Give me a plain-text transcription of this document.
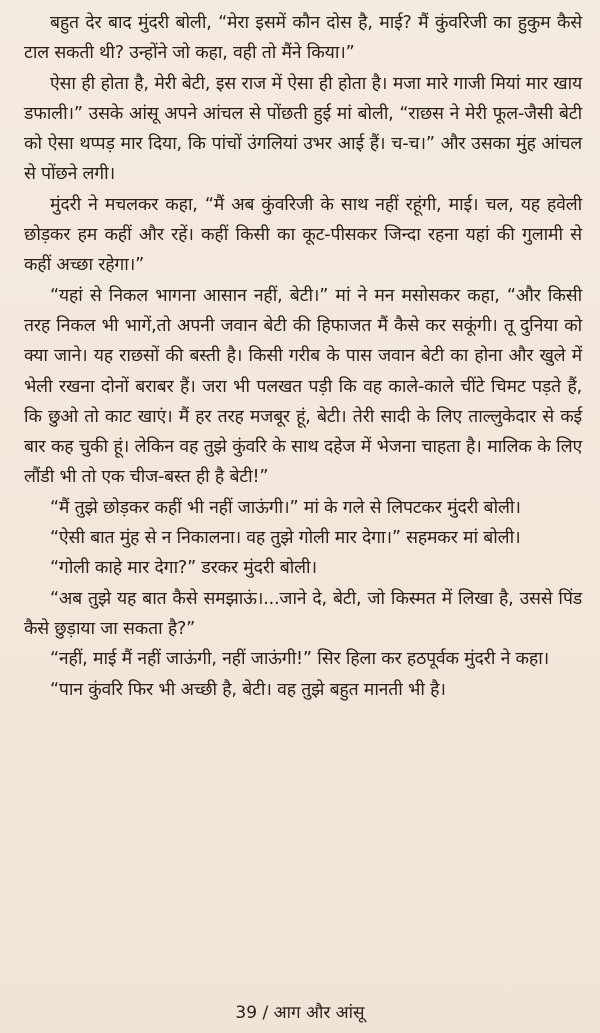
बहुत देर बाद मुंदरी बोली, “मेरा इसमें कौन दोस है, माई? मैं कुंवरिजी का हुकुम कैसे टाल सकती थी? उन्होंने जो कहा, वही तो मैंने किया।”

ऐसा ही होता है, मेरी बेटी, इस राज में ऐसा ही होता है। मजा मारे गाजी मियां मार खाय डफाली।” उसके आंसू अपने आंचल से पोंछती हुई मां बोली, “राछस ने मेरी फूल-जैसी बेटी को ऐसा थप्पड़ मार दिया, कि पांचों उंगलियां उभर आई हैं। च-च।” और उसका मुंह आंचल से पोंछने लगी।

मुंदरी ने मचलकर कहा, “मैं अब कुंवरिजी के साथ नहीं रहूंगी, माई। चल, यह हवेली छोड़कर हम कहीं और रहें। कहीं किसी का कूट-पीसकर जिन्दा रहना यहां की गुलामी से कहीं अच्छा रहेगा।”

“यहां से निकल भागना आसान नहीं, बेटी।” मां ने मन मसोसकर कहा, “और किसी तरह निकल भी भागें,तो अपनी जवान बेटी की हिफाजत मैं कैसे कर सकूंगी। तू दुनिया को क्या जाने। यह राछसों की बस्ती है। किसी गरीब के पास जवान बेटी का होना और खुले में भेली रखना दोनों बराबर हैं। जरा भी पलखत पड़ी कि वह काले-काले चींटे चिमट पड़ते हैं, कि छुओ तो काट खाएं। मैं हर तरह मजबूर हूं, बेटी। तेरी सादी के लिए ताल्लुकेदार से कई बार कह चुकी हूं। लेकिन वह तुझे कुंवरि के साथ दहेज में भेजना चाहता है। मालिक के लिए लौंडी भी तो एक चीज-बस्त ही है बेटी!”

“मैं तुझे छोड़कर कहीं भी नहीं जाऊंगी।” मां के गले से लिपटकर मुंदरी बोली।

“ऐसी बात मुंह से न निकालना। वह तुझे गोली मार देगा।” सहमकर मां बोली।

“गोली काहे मार देगा?” डरकर मुंदरी बोली।

“अब तुझे यह बात कैसे समझाऊं।...जाने दे, बेटी, जो किस्मत में लिखा है, उससे पिंड कैसे छुड़ाया जा सकता है?”

“नहीं, माई मैं नहीं जाऊंगी, नहीं जाऊंगी!” सिर हिला कर हठपूर्वक मुंदरी ने कहा।

“पान कुंवरि फिर भी अच्छी है, बेटी। वह तुझे बहुत मानती भी है।

39 / आग और आंसू
